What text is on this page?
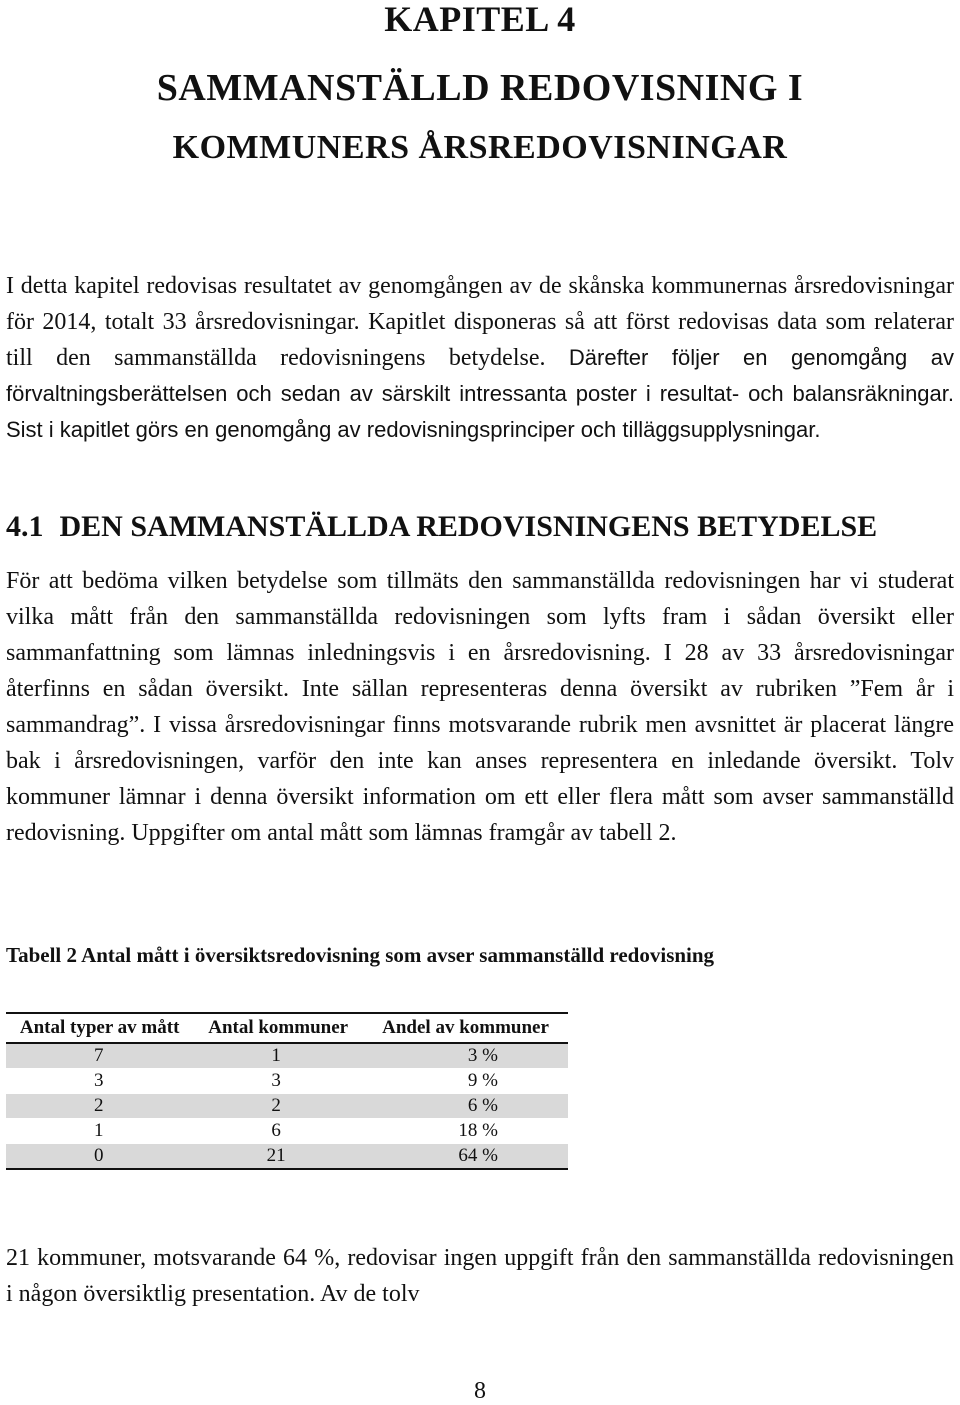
KAPITEL 4
SAMMANSTÄLLD REDOVISNING I
KOMMUNERS ÅRSREDOVISNINGAR

I detta kapitel redovisas resultatet av genomgången av de skånska kommunernas årsredovisningar för 2014, totalt 33 årsredovisningar. Kapitlet disponeras så att först redovisas data som relaterar till den sammanställda redovisningens betydelse. Därefter följer en genomgång av förvaltningsberättelsen och sedan av särskilt intressanta poster i resultat- och balansräkningar. Sist i kapitlet görs en genomgång av redovisningsprinciper och tilläggsupplysningar.

4.1 DEN SAMMANSTÄLLDA REDOVISNINGENS BETYDELSE

För att bedöma vilken betydelse som tillmäts den sammanställda redovisningen har vi studerat vilka mått från den sammanställda redovisningen som lyfts fram i sådan översikt eller sammanfattning som lämnas inledningsvis i en årsredovisning. I 28 av 33 årsredovisningar återfinns en sådan översikt. Inte sällan representeras denna översikt av rubriken ”Fem år i sammandrag”. I vissa årsredovisningar finns motsvarande rubrik men avsnittet är placerat längre bak i årsredovisningen, varför den inte kan anses representera en inledande översikt. Tolv kommuner lämnar i denna översikt information om ett eller flera mått som avser sammanställd redovisning. Uppgifter om antal mått som lämnas framgår av tabell 2.

Tabell 2 Antal mått i översiktsredovisning som avser sammanställd redovisning

Antal typer av mått	Antal kommuner	Andel av kommuner
7	1	3 %
3	3	9 %
2	2	6 %
1	6	18 %
0	21	64 %

21 kommuner, motsvarande 64 %, redovisar ingen uppgift från den sammanställda redovisningen i någon översiktlig presentation. Av de tolv

8
